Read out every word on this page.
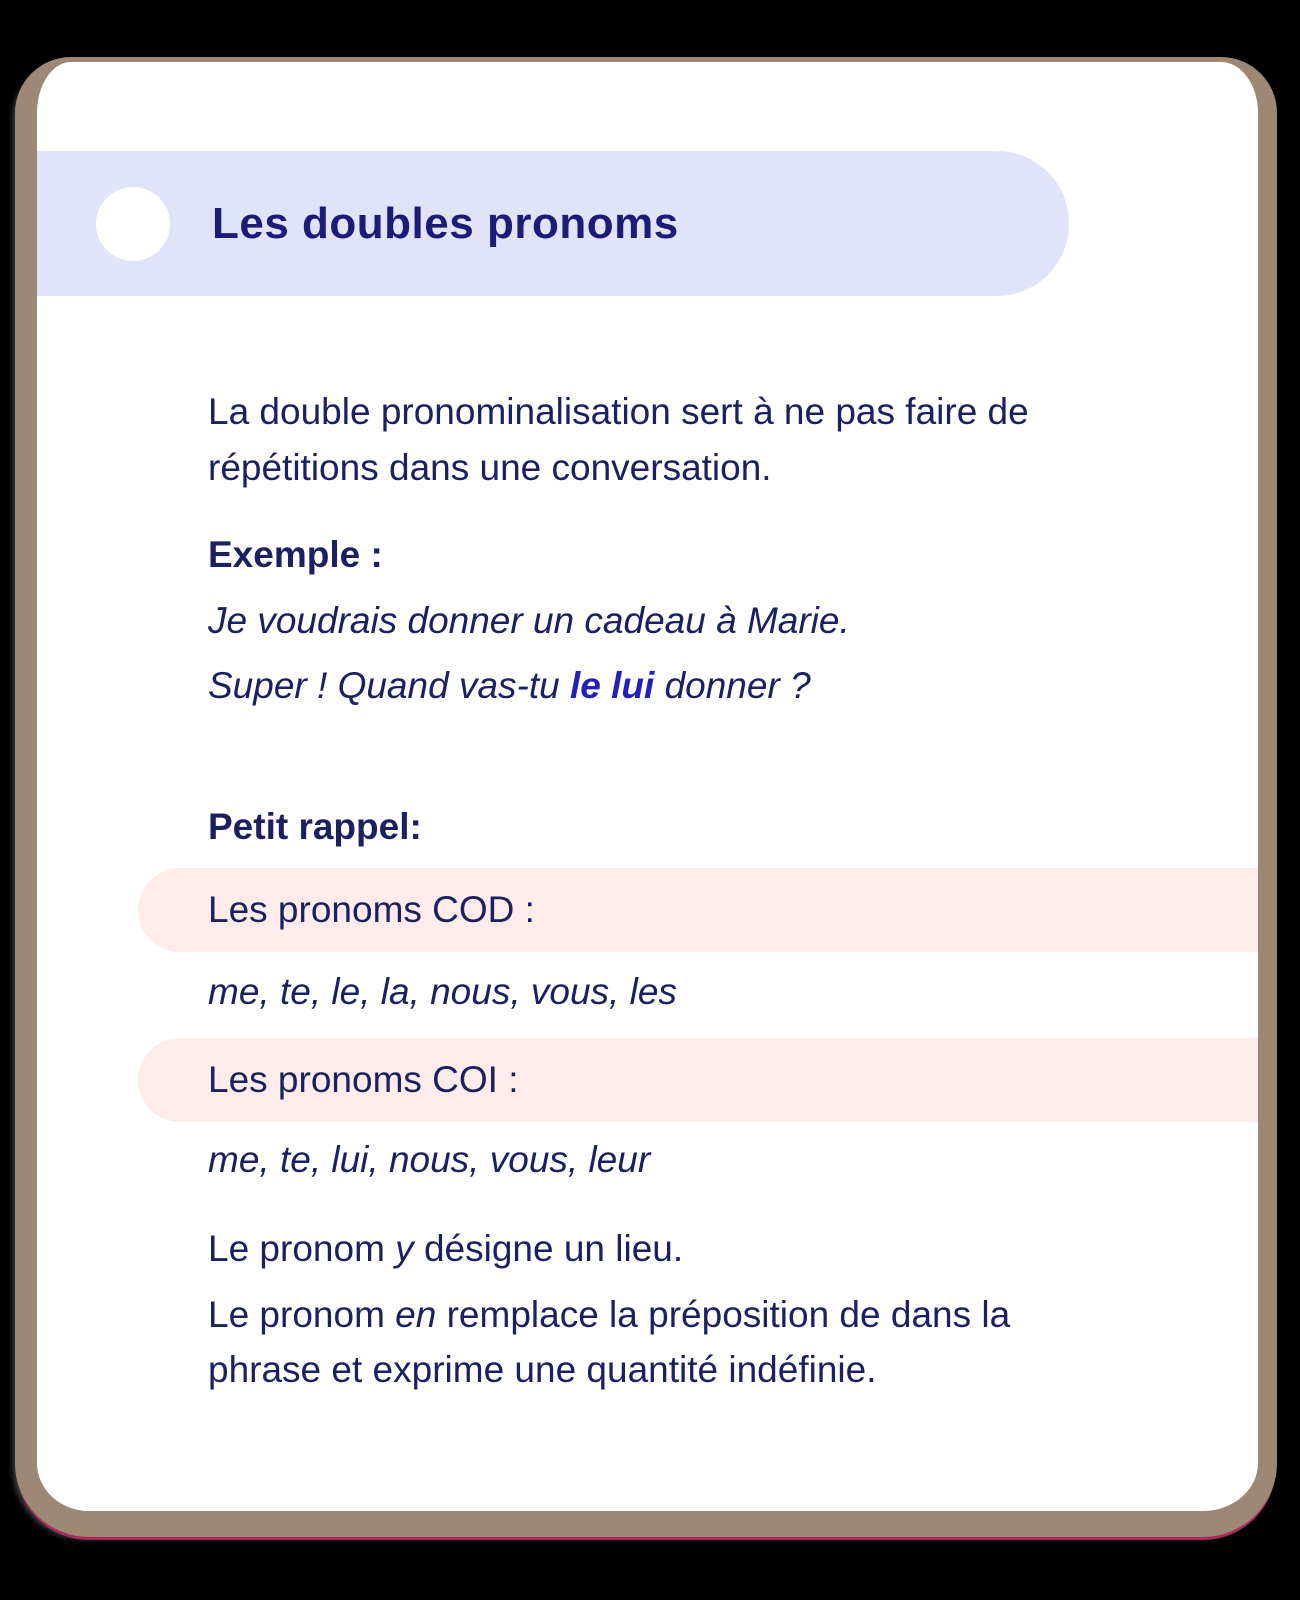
Les doubles pronoms
La double pronominalisation sert à ne pas faire de répétitions dans une conversation.
Exemple :
Je voudrais donner un cadeau à Marie.
Super ! Quand vas-tu le lui donner ?
Petit rappel:
Les pronoms COD :
me, te, le, la, nous, vous, les
Les pronoms COI :
me, te, lui, nous, vous, leur
Le pronom y désigne un lieu.
Le pronom en remplace la préposition de dans la phrase et exprime une quantité indéfinie.
